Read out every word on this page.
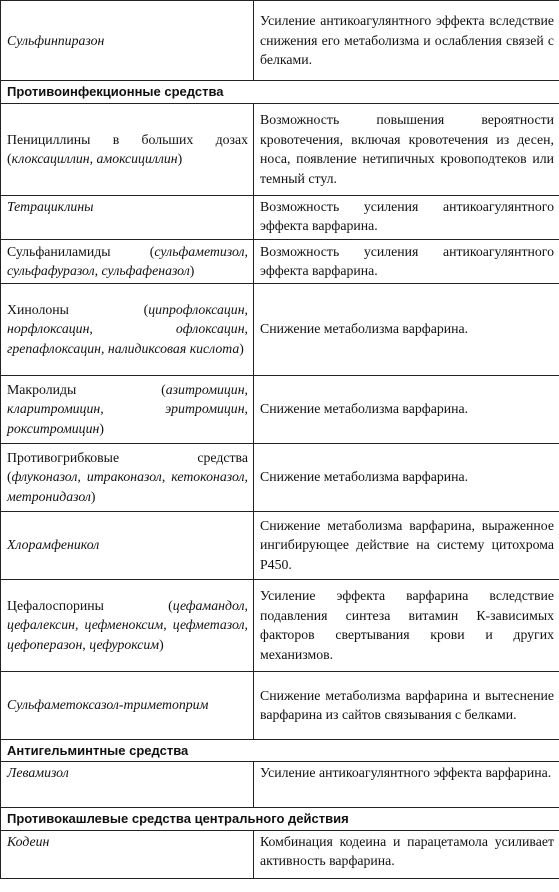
Сульфинпиразон	Усиление антикоагулянтного эффекта вследствие снижения его метаболизма и ослабления связей с белками.
Противоинфекционные средства	
Пенициллины в больших дозах (клоксациллин, амоксициллин)	Возможность повышения вероятности кровотечения, включая кровотечения из десен, носа, появление нетипичных кровоподтеков или темный стул.
Тетрациклины	Возможность усиления антикоагулянтного эффекта варфарина.
Сульфаниламиды (сульфаметизол, сульфафуразол, сульфафеназол)	Возможность усиления антикоагулянтного эффекта варфарина.
Хинолоны (ципрофлоксацин, норфлоксацин, офлоксацин, грепафлоксацин, налидиксовая кислота)	Снижение метаболизма варфарина.
Макролиды (азитромицин, кларитромицин, эритромицин, рокситромицин)	Снижение метаболизма варфарина.
Противогрибковые средства (флуконазол, итраконазол, кетоконазол, метронидазол)	Снижение метаболизма варфарина.
Хлорамфеникол	Снижение метаболизма варфарина, выраженное ингибирующее действие на систему цитохрома Р450.
Цефалоспорины (цефамандол, цефалексин, цефменоксим, цефметазол, цефоперазон, цефуроксим)	Усиление эффекта варфарина вследствие подавления синтеза витамин К-зависимых факторов свертывания крови и других механизмов.
Сульфаметоксазол-триметоприм	Снижение метаболизма варфарина и вытеснение варфарина из сайтов связывания с белками.
Антигельминтные средства	
Левамизол	Усиление антикоагулянтного эффекта варфарина.
Противокашлевые средства центрального действия	
Кодеин	Комбинация кодеина и парацетамола усиливает активность варфарина.
